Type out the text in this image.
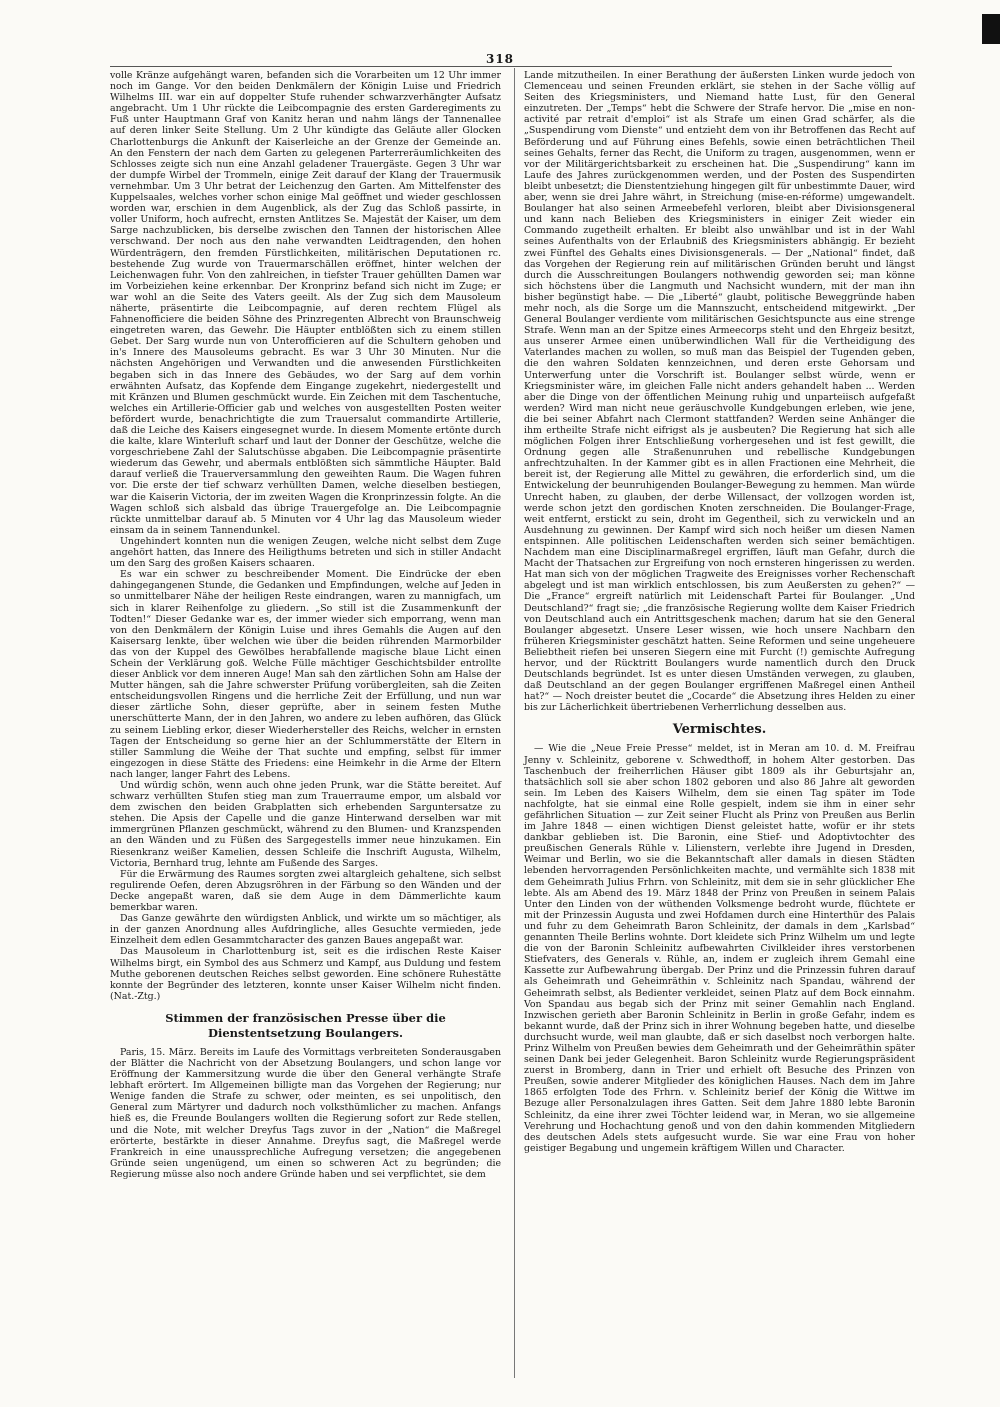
318

volle Kränze aufgehängt waren, befanden sich die Vorarbeiten um 12 Uhr immer noch im Gange. Vor den beiden Denkmälern der Königin Luise und Friedrich Wilhelms III. war ein auf doppelter Stufe ruhender schwarzverhängter Aufsatz angebracht. Um 1 Uhr rückte die Leibcompagnie des ersten Garderegiments zu Fuß unter Hauptmann Graf von Kanitz heran und nahm längs der Tannenallee auf deren linker Seite Stellung. Um 2 Uhr kündigte das Geläute aller Glocken Charlottenburgs die Ankunft der Kaiserleiche an der Grenze der Gemeinde an. An den Fenstern der nach dem Garten zu gelegenen Parterreräumlichkeiten des Schlosses zeigte sich nun eine Anzahl geladener Trauergäste. Gegen 3 Uhr war der dumpfe Wirbel der Trommeln, einige Zeit darauf der Klang der Trauermusik vernehmbar. Um 3 Uhr betrat der Leichenzug den Garten. Am Mittelfenster des Kuppelsaales, welches vorher schon einige Mal geöffnet und wieder geschlossen worden war, erschien in dem Augenblick, als der Zug das Schloß passirte, in voller Uniform, hoch aufrecht, ernsten Antlitzes Se. Majestät der Kaiser, um dem Sarge nachzublicken, bis derselbe zwischen den Tannen der historischen Allee verschwand. Der noch aus den nahe verwandten Leidtragenden, den hohen Würdenträgern, den fremden Fürstlichkeiten, militärischen Deputationen rc. bestehende Zug wurde von Trauermarschällen eröffnet, hinter welchen der Leichenwagen fuhr. Von den zahlreichen, in tiefster Trauer gehüllten Damen war im Vorbeiziehen keine erkennbar. Der Kronprinz befand sich nicht im Zuge; er war wohl an die Seite des Vaters geeilt. Als der Zug sich dem Mausoleum näherte, präsentirte die Leibcompagnie, auf deren rechtem Flügel als Fahnenofficiere die beiden Söhne des Prinzregenten Albrecht von Braunschweig eingetreten waren, das Gewehr. Die Häupter entblößten sich zu einem stillen Gebet. Der Sarg wurde nun von Unterofficieren auf die Schultern gehoben und in's Innere des Mausoleums gebracht. Es war 3 Uhr 30 Minuten. Nur die nächsten Angehörigen und Verwandten und die anwesenden Fürstlichkeiten begaben sich in das Innere des Gebäudes, wo der Sarg auf dem vorhin erwähnten Aufsatz, das Kopfende dem Eingange zugekehrt, niedergestellt und mit Kränzen und Blumen geschmückt wurde. Ein Zeichen mit dem Taschentuche, welches ein Artillerie-Officier gab und welches von ausgestellten Posten weiter befördert wurde, benachrichtigte die zum Trauersalut commandirte Artillerie, daß die Leiche des Kaisers eingesegnet wurde. In diesem Momente ertönte durch die kalte, klare Winterluft scharf und laut der Donner der Geschütze, welche die vorgeschriebene Zahl der Salutschüsse abgaben. Die Leibcompagnie präsentirte wiederum das Gewehr, und abermals entblößten sich sämmtliche Häupter. Bald darauf verließ die Trauerversammlung den geweihten Raum. Die Wagen fuhren vor. Die erste der tief schwarz verhüllten Damen, welche dieselben bestiegen, war die Kaiserin Victoria, der im zweiten Wagen die Kronprinzessin folgte. An die Wagen schloß sich alsbald das übrige Trauergefolge an. Die Leibcompagnie rückte unmittelbar darauf ab. 5 Minuten vor 4 Uhr lag das Mausoleum wieder einsam da in seinem Tannendunkel.

Ungehindert konnten nun die wenigen Zeugen, welche nicht selbst dem Zuge angehört hatten, das Innere des Heiligthums betreten und sich in stiller Andacht um den Sarg des großen Kaisers schaaren.

Es war ein schwer zu beschreibender Moment. Die Eindrücke der eben dahingegangenen Stunde, die Gedanken und Empfindungen, welche auf Jeden in so unmittelbarer Nähe der heiligen Reste eindrangen, waren zu mannigfach, um sich in klarer Reihenfolge zu gliedern. „So still ist die Zusammenkunft der Todten!“ Dieser Gedanke war es, der immer wieder sich emporrang, wenn man von den Denkmälern der Königin Luise und ihres Gemahls die Augen auf den Kaisersarg lenkte, über welchen wie über die beiden rührenden Marmorbilder das von der Kuppel des Gewölbes herabfallende magische blaue Licht einen Schein der Verklärung goß. Welche Fülle mächtiger Geschichtsbilder entrollte dieser Anblick vor dem inneren Auge! Man sah den zärtlichen Sohn am Halse der Mutter hängen, sah die Jahre schwerster Prüfung vorübergleiten, sah die Zeiten entscheidungsvollen Ringens und die herrliche Zeit der Erfüllung, und nun war dieser zärtliche Sohn, dieser geprüfte, aber in seinem festen Muthe unerschütterte Mann, der in den Jahren, wo andere zu leben aufhören, das Glück zu seinem Liebling erkor, dieser Wiederhersteller des Reichs, welcher in ernsten Tagen der Entscheidung so gerne hier an der Schlummerstätte der Eltern in stiller Sammlung die Weihe der That suchte und empfing, selbst für immer eingezogen in diese Stätte des Friedens: eine Heimkehr in die Arme der Eltern nach langer, langer Fahrt des Lebens.

Und würdig schön, wenn auch ohne jeden Prunk, war die Stätte bereitet. Auf schwarz verhüllten Stufen stieg man zum Trauerraume empor, um alsbald vor dem zwischen den beiden Grabplatten sich erhebenden Sarguntersatze zu stehen. Die Apsis der Capelle und die ganze Hinterwand derselben war mit immergrünen Pflanzen geschmückt, während zu den Blumen- und Kranzspenden an den Wänden und zu Füßen des Sargegestells immer neue hinzukamen. Ein Riesenkranz weißer Kamelien, dessen Schleife die Inschrift Augusta, Wilhelm, Victoria, Bernhard trug, lehnte am Fußende des Sarges.

Für die Erwärmung des Raumes sorgten zwei altargleich gehaltene, sich selbst regulirende Oefen, deren Abzugsröhren in der Färbung so den Wänden und der Decke angepaßt waren, daß sie dem Auge in dem Dämmerlichte kaum bemerkbar waren.

Das Ganze gewährte den würdigsten Anblick, und wirkte um so mächtiger, als in der ganzen Anordnung alles Aufdringliche, alles Gesuchte vermieden, jede Einzelheit dem edlen Gesammtcharacter des ganzen Baues angepaßt war.

Das Mausoleum in Charlottenburg ist, seit es die irdischen Reste Kaiser Wilhelms birgt, ein Symbol des aus Schmerz und Kampf, aus Duldung und festem Muthe geborenen deutschen Reiches selbst geworden. Eine schönere Ruhestätte konnte der Begründer des letzteren, konnte unser Kaiser Wilhelm nicht finden. (Nat.-Ztg.)

Stimmen der französischen Presse über die Dienstentsetzung Boulangers.

Paris, 15. März. Bereits im Laufe des Vormittags verbreiteten Sonderausgaben der Blätter die Nachricht von der Absetzung Boulangers, und schon lange vor Eröffnung der Kammersitzung wurde die über den General verhängte Strafe lebhaft erörtert. Im Allgemeinen billigte man das Vorgehen der Regierung; nur Wenige fanden die Strafe zu schwer, oder meinten, es sei unpolitisch, den General zum Märtyrer und dadurch noch volksthümlicher zu machen. Anfangs hieß es, die Freunde Boulangers wollten die Regierung sofort zur Rede stellen, und die Note, mit welcher Dreyfus Tags zuvor in der „Nation“ die Maßregel erörterte, bestärkte in dieser Annahme. Dreyfus sagt, die Maßregel werde Frankreich in eine unaussprechliche Aufregung versetzen; die angegebenen Gründe seien ungenügend, um einen so schweren Act zu begründen; die Regierung müsse also noch andere Gründe haben und sei verpflichtet, sie dem

Lande mitzutheilen. In einer Berathung der äußersten Linken wurde jedoch von Clemenceau und seinen Freunden erklärt, sie stehen in der Sache völlig auf Seiten des Kriegsministers, und Niemand hatte Lust, für den General einzutreten. Der „Temps“ hebt die Schwere der Strafe hervor. Die „mise en non-activité par retrait d'emploi“ ist als Strafe um einen Grad schärfer, als die „Suspendirung vom Dienste“ und entzieht dem von ihr Betroffenen das Recht auf Beförderung und auf Führung eines Befehls, sowie einen beträchtlichen Theil seines Gehalts, ferner das Recht, die Uniform zu tragen, ausgenommen, wenn er vor der Militärgerichtsbarkeit zu erscheinen hat. Die „Suspendirung“ kann im Laufe des Jahres zurückgenommen werden, und der Posten des Suspendirten bleibt unbesetzt; die Dienstentziehung hingegen gilt für unbestimmte Dauer, wird aber, wenn sie drei Jahre währt, in Streichung (mise-en-réforme) umgewandelt. Boulanger hat also seinen Armeebefehl verloren, bleibt aber Divisionsgeneral und kann nach Belieben des Kriegsministers in einiger Zeit wieder ein Commando zugetheilt erhalten. Er bleibt also unwählbar und ist in der Wahl seines Aufenthalts von der Erlaubniß des Kriegsministers abhängig. Er bezieht zwei Fünftel des Gehalts eines Divisionsgenerals. — Der „National“ findet, daß das Vorgehen der Regierung rein auf militärischen Gründen beruht und längst durch die Ausschreitungen Boulangers nothwendig geworden sei; man könne sich höchstens über die Langmuth und Nachsicht wundern, mit der man ihn bisher begünstigt habe. — Die „Liberté“ glaubt, politische Beweggründe haben mehr noch, als die Sorge um die Mannszucht, entscheidend mitgewirkt. „Der General Boulanger verdiente vom militärischen Gesichtspuncte aus eine strenge Strafe. Wenn man an der Spitze eines Armeecorps steht und den Ehrgeiz besitzt, aus unserer Armee einen unüberwindlichen Wall für die Vertheidigung des Vaterlandes machen zu wollen, so muß man das Beispiel der Tugenden geben, die den wahren Soldaten kennzeichnen, und deren erste Gehorsam und Unterwerfung unter die Vorschrift ist. Boulanger selbst würde, wenn er Kriegsminister wäre, im gleichen Falle nicht anders gehandelt haben ... Werden aber die Dinge von der öffentlichen Meinung ruhig und unparteiisch aufgefaßt werden? Wird man nicht neue geräuschvolle Kundgebungen erleben, wie jene, die bei seiner Abfahrt nach Clermont stattfanden? Werden seine Anhänger die ihm ertheilte Strafe nicht eifrigst als je ausbeuten? Die Regierung hat sich alle möglichen Folgen ihrer Entschließung vorhergesehen und ist fest gewillt, die Ordnung gegen alle Straßenunruhen und rebellische Kundgebungen anfrechtzuhalten. In der Kammer gibt es in allen Fractionen eine Mehrheit, die bereit ist, der Regierung alle Mittel zu gewähren, die erforderlich sind, um die Entwickelung der beunruhigenden Boulanger-Bewegung zu hemmen. Man würde Unrecht haben, zu glauben, der derbe Willensact, der vollzogen worden ist, werde schon jetzt den gordischen Knoten zerschneiden. Die Boulanger-Frage, weit entfernt, erstickt zu sein, droht im Gegentheil, sich zu verwickeln und an Ausdehnung zu gewinnen. Der Kampf wird sich noch heißer um diesen Namen entspinnen. Alle politischen Leidenschaften werden sich seiner bemächtigen. Nachdem man eine Disciplinarmaßregel ergriffen, läuft man Gefahr, durch die Macht der Thatsachen zur Ergreifung von noch ernsteren hingerissen zu werden. Hat man sich von der möglichen Tragweite des Ereignisses vorher Rechenschaft abgelegt und ist man wirklich entschlossen, bis zum Aeußersten zu gehen?“ — Die „France“ ergreift natürlich mit Leidenschaft Partei für Boulanger. „Und Deutschland?“ fragt sie; „die französische Regierung wollte dem Kaiser Friedrich von Deutschland auch ein Antrittsgeschenk machen; darum hat sie den General Boulanger abgesetzt. Unsere Leser wissen, wie hoch unsere Nachbarn den früheren Kriegsminister geschätzt hatten. Seine Reformen und seine ungeheuere Beliebtheit riefen bei unseren Siegern eine mit Furcht (!) gemischte Aufregung hervor, und der Rücktritt Boulangers wurde namentlich durch den Druck Deutschlands begründet. Ist es unter diesen Umständen verwegen, zu glauben, daß Deutschland an der gegen Boulanger ergriffenen Maßregel einen Antheil hat?“ — Noch dreister beutet die „Cocarde“ die Absetzung ihres Helden zu einer bis zur Lächerlichkeit übertriebenen Verherrlichung desselben aus.

Vermischtes.

— Wie die „Neue Freie Presse“ meldet, ist in Meran am 10. d. M. Freifrau Jenny v. Schleinitz, geborene v. Schwedthoff, in hohem Alter gestorben. Das Taschenbuch der freiherrlichen Häuser gibt 1809 als ihr Geburtsjahr an, thatsächlich soll sie aber schon 1802 geboren und also 86 Jahre alt geworden sein. Im Leben des Kaisers Wilhelm, dem sie einen Tag später im Tode nachfolgte, hat sie einmal eine Rolle gespielt, indem sie ihm in einer sehr gefährlichen Situation — zur Zeit seiner Flucht als Prinz von Preußen aus Berlin im Jahre 1848 — einen wichtigen Dienst geleistet hatte, wofür er ihr stets dankbar geblieben ist. Die Baronin, eine Stief- und Adoptivtochter des preußischen Generals Rühle v. Lilienstern, verlebte ihre Jugend in Dresden, Weimar und Berlin, wo sie die Bekanntschaft aller damals in diesen Städten lebenden hervorragenden Persönlichkeiten machte, und vermählte sich 1838 mit dem Geheimrath Julius Frhrn. von Schleinitz, mit dem sie in sehr glücklicher Ehe lebte. Als am Abend des 19. März 1848 der Prinz von Preußen in seinem Palais Unter den Linden von der wüthenden Volksmenge bedroht wurde, flüchtete er mit der Prinzessin Augusta und zwei Hofdamen durch eine Hinterthür des Palais und fuhr zu dem Geheimrath Baron Schleinitz, der damals in dem „Karlsbad“ genannten Theile Berlins wohnte. Dort kleidete sich Prinz Wilhelm um und legte die von der Baronin Schleinitz aufbewahrten Civilkleider ihres verstorbenen Stiefvaters, des Generals v. Rühle, an, indem er zugleich ihrem Gemahl eine Kassette zur Aufbewahrung übergab. Der Prinz und die Prinzessin fuhren darauf als Geheimrath und Geheimräthin v. Schleinitz nach Spandau, während der Geheimrath selbst, als Bedienter verkleidet, seinen Platz auf dem Bock einnahm. Von Spandau aus begab sich der Prinz mit seiner Gemahlin nach England. Inzwischen gerieth aber Baronin Schleinitz in Berlin in große Gefahr, indem es bekannt wurde, daß der Prinz sich in ihrer Wohnung begeben hatte, und dieselbe durchsucht wurde, weil man glaubte, daß er sich daselbst noch verborgen halte. Prinz Wilhelm von Preußen bewies dem Geheimrath und der Geheimräthin später seinen Dank bei jeder Gelegenheit. Baron Schleinitz wurde Regierungspräsident zuerst in Bromberg, dann in Trier und erhielt oft Besuche des Prinzen von Preußen, sowie anderer Mitglieder des königlichen Hauses. Nach dem im Jahre 1865 erfolgten Tode des Frhrn. v. Schleinitz berief der König die Wittwe im Bezuge aller Personalzulagen ihres Gatten. Seit dem Jahre 1880 lebte Baronin Schleinitz, da eine ihrer zwei Töchter leidend war, in Meran, wo sie allgemeine Verehrung und Hochachtung genoß und von den dahin kommenden Mitgliedern des deutschen Adels stets aufgesucht wurde. Sie war eine Frau von hoher geistiger Begabung und ungemein kräftigem Willen und Character.
